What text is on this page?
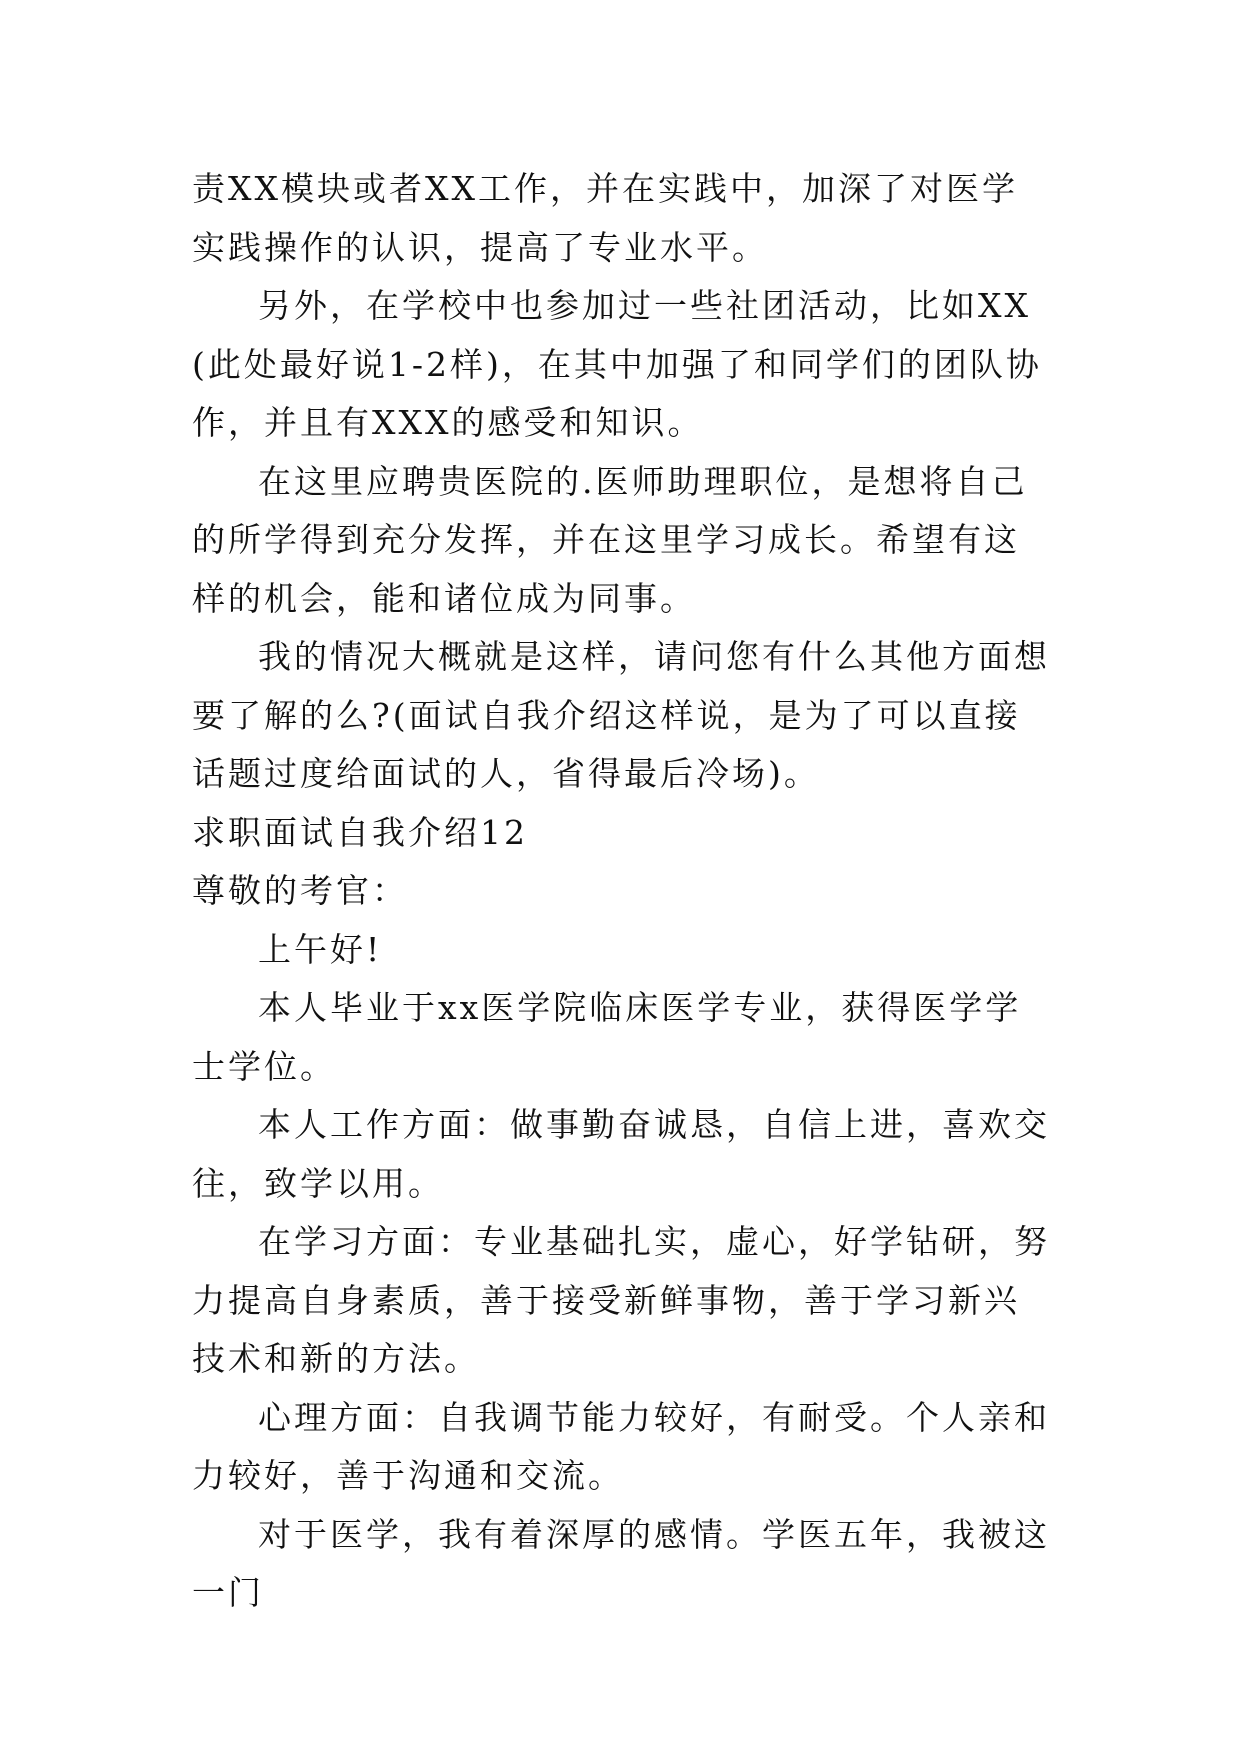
责XX模块或者XX工作，并在实践中，加深了对医学实践操作的认识，提高了专业水平。

另外，在学校中也参加过一些社团活动，比如XX(此处最好说1-2样)，在其中加强了和同学们的团队协作，并且有XXX的感受和知识。

在这里应聘贵医院的.医师助理职位，是想将自己的所学得到充分发挥，并在这里学习成长。希望有这样的机会，能和诸位成为同事。

我的情况大概就是这样，请问您有什么其他方面想要了解的么?(面试自我介绍这样说，是为了可以直接话题过度给面试的人，省得最后冷场)。

求职面试自我介绍12

尊敬的考官：

上午好!

本人毕业于xx医学院临床医学专业，获得医学学士学位。

本人工作方面：做事勤奋诚恳，自信上进，喜欢交往，致学以用。

在学习方面：专业基础扎实，虚心，好学钻研，努力提高自身素质，善于接受新鲜事物，善于学习新兴技术和新的方法。

心理方面：自我调节能力较好，有耐受。个人亲和力较好，善于沟通和交流。

对于医学，我有着深厚的感情。学医五年，我被这一门
